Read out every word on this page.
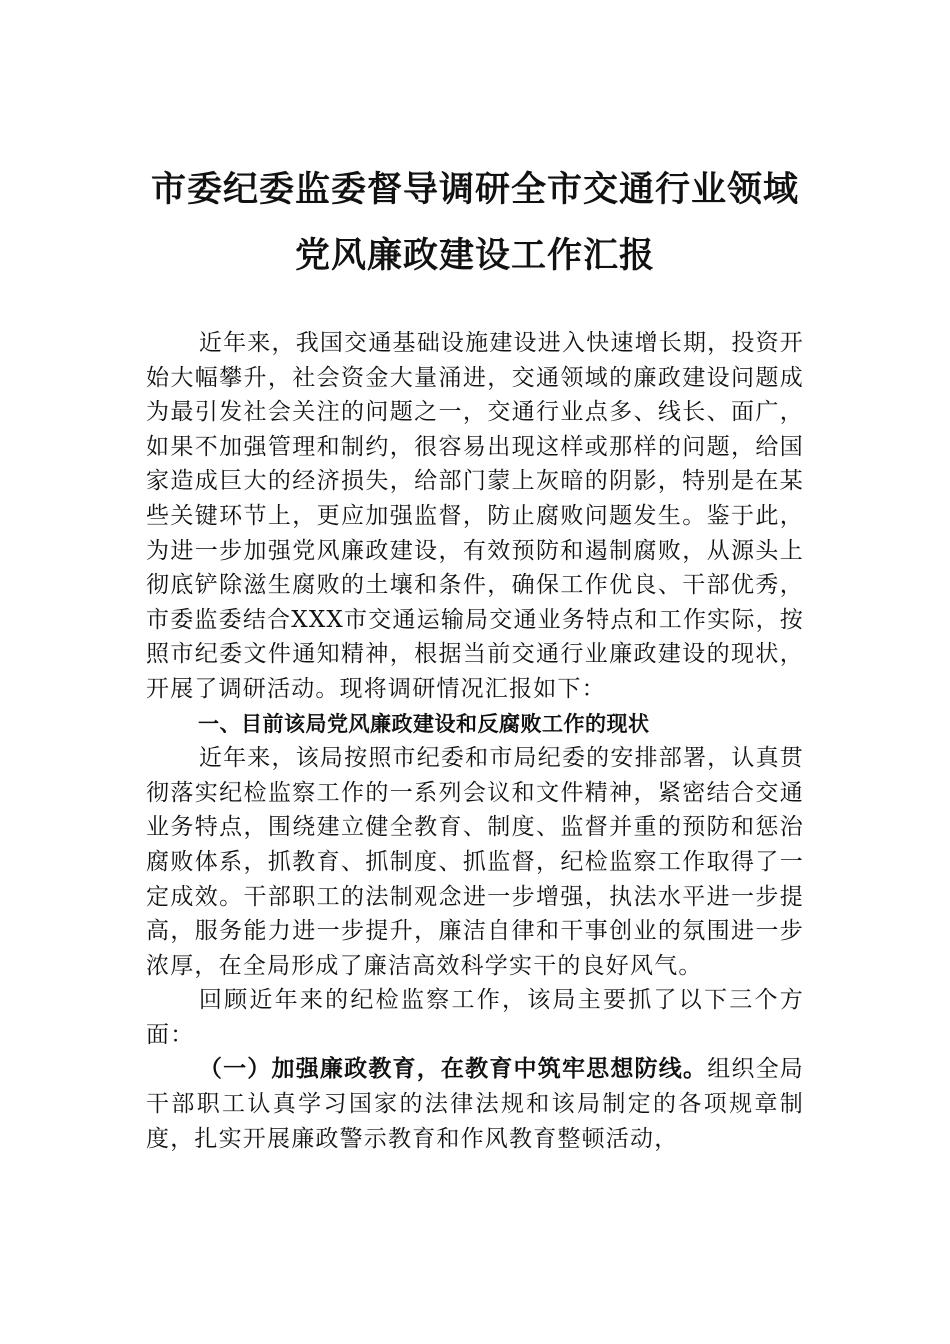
市委纪委监委督导调研全市交通行业领域
党风廉政建设工作汇报

近年来，我国交通基础设施建设进入快速增长期，投资开始大幅攀升，社会资金大量涌进，交通领域的廉政建设问题成为最引发社会关注的问题之一，交通行业点多、线长、面广，如果不加强管理和制约，很容易出现这样或那样的问题，给国家造成巨大的经济损失，给部门蒙上灰暗的阴影，特别是在某些关键环节上，更应加强监督，防止腐败问题发生。鉴于此，为进一步加强党风廉政建设，有效预防和遏制腐败，从源头上彻底铲除滋生腐败的土壤和条件，确保工作优良、干部优秀，市委监委结合XXX市交通运输局交通业务特点和工作实际，按照市纪委文件通知精神，根据当前交通行业廉政建设的现状，开展了调研活动。现将调研情况汇报如下：

一、目前该局党风廉政建设和反腐败工作的现状

近年来，该局按照市纪委和市局纪委的安排部署，认真贯彻落实纪检监察工作的一系列会议和文件精神，紧密结合交通业务特点，围绕建立健全教育、制度、监督并重的预防和惩治腐败体系，抓教育、抓制度、抓监督，纪检监察工作取得了一定成效。干部职工的法制观念进一步增强，执法水平进一步提高，服务能力进一步提升，廉洁自律和干事创业的氛围进一步浓厚，在全局形成了廉洁高效科学实干的良好风气。

回顾近年来的纪检监察工作，该局主要抓了以下三个方面：

（一）加强廉政教育，在教育中筑牢思想防线。组织全局干部职工认真学习国家的法律法规和该局制定的各项规章制度，扎实开展廉政警示教育和作风教育整顿活动，
